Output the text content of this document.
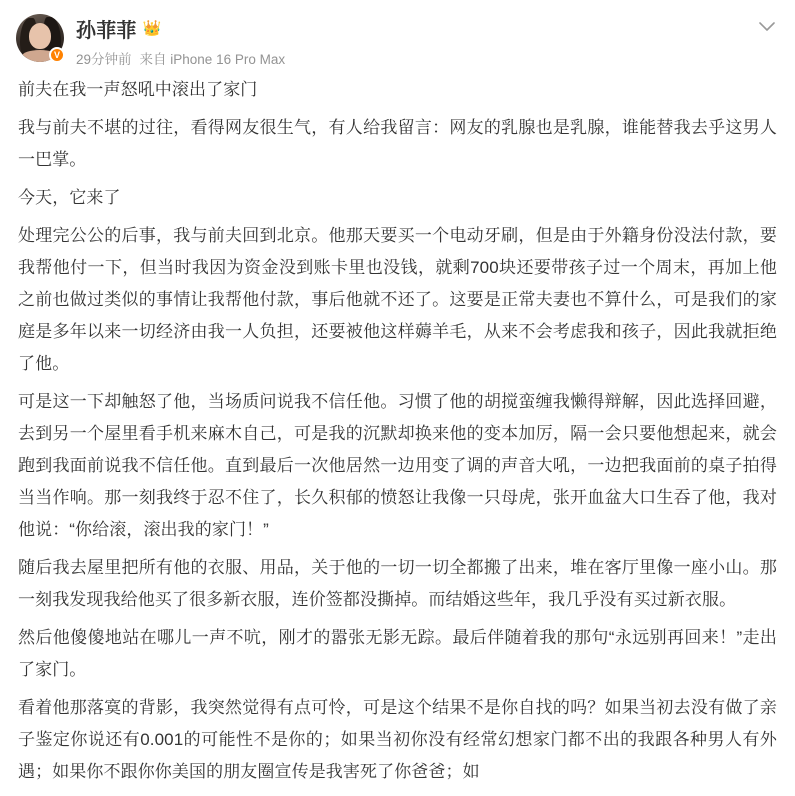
V
孙菲菲 👑
29分钟前 来自 iPhone 16 Pro Max

前夫在我一声怒吼中滚出了家门

我与前夫不堪的过往，看得网友很生气，有人给我留言：网友的乳腺也是乳腺，谁能替我去乎这男人一巴掌。

今天，它来了

处理完公公的后事，我与前夫回到北京。他那天要买一个电动牙刷，但是由于外籍身份没法付款，要我帮他付一下，但当时我因为资金没到账卡里也没钱，就剩700块还要带孩子过一个周末，再加上他之前也做过类似的事情让我帮他付款，事后他就不还了。这要是正常夫妻也不算什么，可是我们的家庭是多年以来一切经济由我一人负担，还要被他这样薅羊毛，从来不会考虑我和孩子，因此我就拒绝了他。

可是这一下却触怒了他，当场质问说我不信任他。习惯了他的胡搅蛮缠我懒得辩解，因此选择回避，去到另一个屋里看手机来麻木自己，可是我的沉默却换来他的变本加厉，隔一会只要他想起来，就会跑到我面前说我不信任他。直到最后一次他居然一边用变了调的声音大吼，一边把我面前的桌子拍得当当作响。那一刻我终于忍不住了，长久积郁的愤怒让我像一只母虎，张开血盆大口生吞了他，我对他说：“你给滚，滚出我的家门！”

随后我去屋里把所有他的衣服、用品，关于他的一切一切全都搬了出来，堆在客厅里像一座小山。那一刻我发现我给他买了很多新衣服，连价签都没撕掉。而结婚这些年，我几乎没有买过新衣服。

然后他傻傻地站在哪儿一声不吭，刚才的嚣张无影无踪。最后伴随着我的那句“永远别再回来！”走出了家门。

看着他那落寞的背影，我突然觉得有点可怜，可是这个结果不是你自找的吗？如果当初去没有做了亲子鉴定你说还有0.001的可能性不是你的；如果当初你没有经常幻想家门都不出的我跟各种男人有外遇；如果你不跟你你美国的朋友圈宣传是我害死了你爸爸；如
